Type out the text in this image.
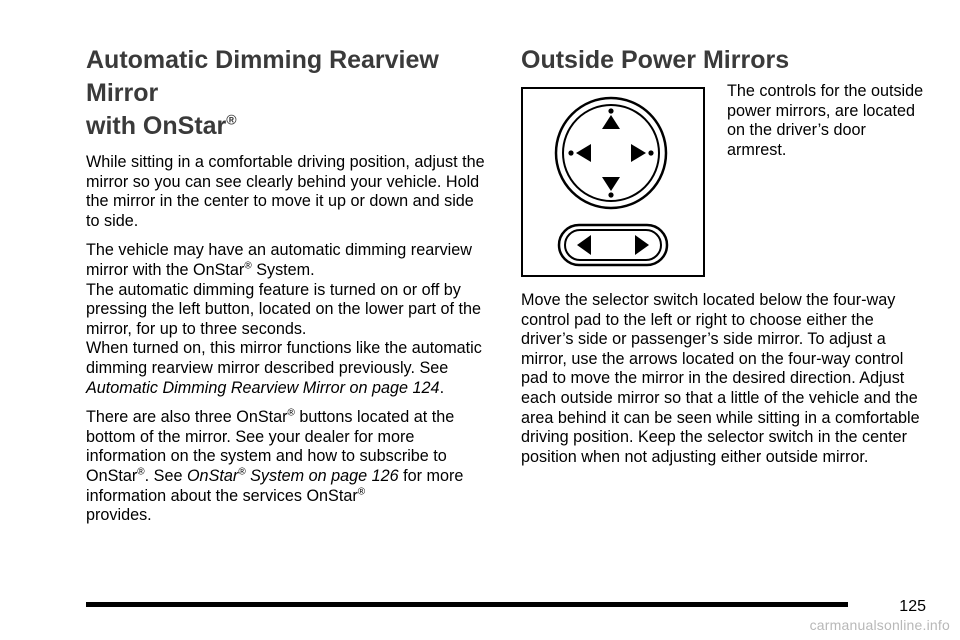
Automatic Dimming Rearview Mirror
with OnStar®

While sitting in a comfortable driving position, adjust the mirror so you can see clearly behind your vehicle. Hold the mirror in the center to move it up or down and side to side.

The vehicle may have an automatic dimming rearview mirror with the OnStar® System.
The automatic dimming feature is turned on or off by pressing the left button, located on the lower part of the mirror, for up to three seconds.
When turned on, this mirror functions like the automatic dimming rearview mirror described previously. See Automatic Dimming Rearview Mirror on page 124.

There are also three OnStar® buttons located at the bottom of the mirror. See your dealer for more information on the system and how to subscribe to OnStar®. See OnStar® System on page 126 for more information about the services OnStar®
provides.

Outside Power Mirrors

The controls for the outside power mirrors, are located on the driver’s door armrest.

Move the selector switch located below the four-way control pad to the left or right to choose either the driver’s side or passenger’s side mirror. To adjust a mirror, use the arrows located on the four-way control pad to move the mirror in the desired direction. Adjust each outside mirror so that a little of the vehicle and the area behind it can be seen while sitting in a comfortable driving position. Keep the selector switch in the center position when not adjusting either outside mirror.

125
carmanualsonline.info
